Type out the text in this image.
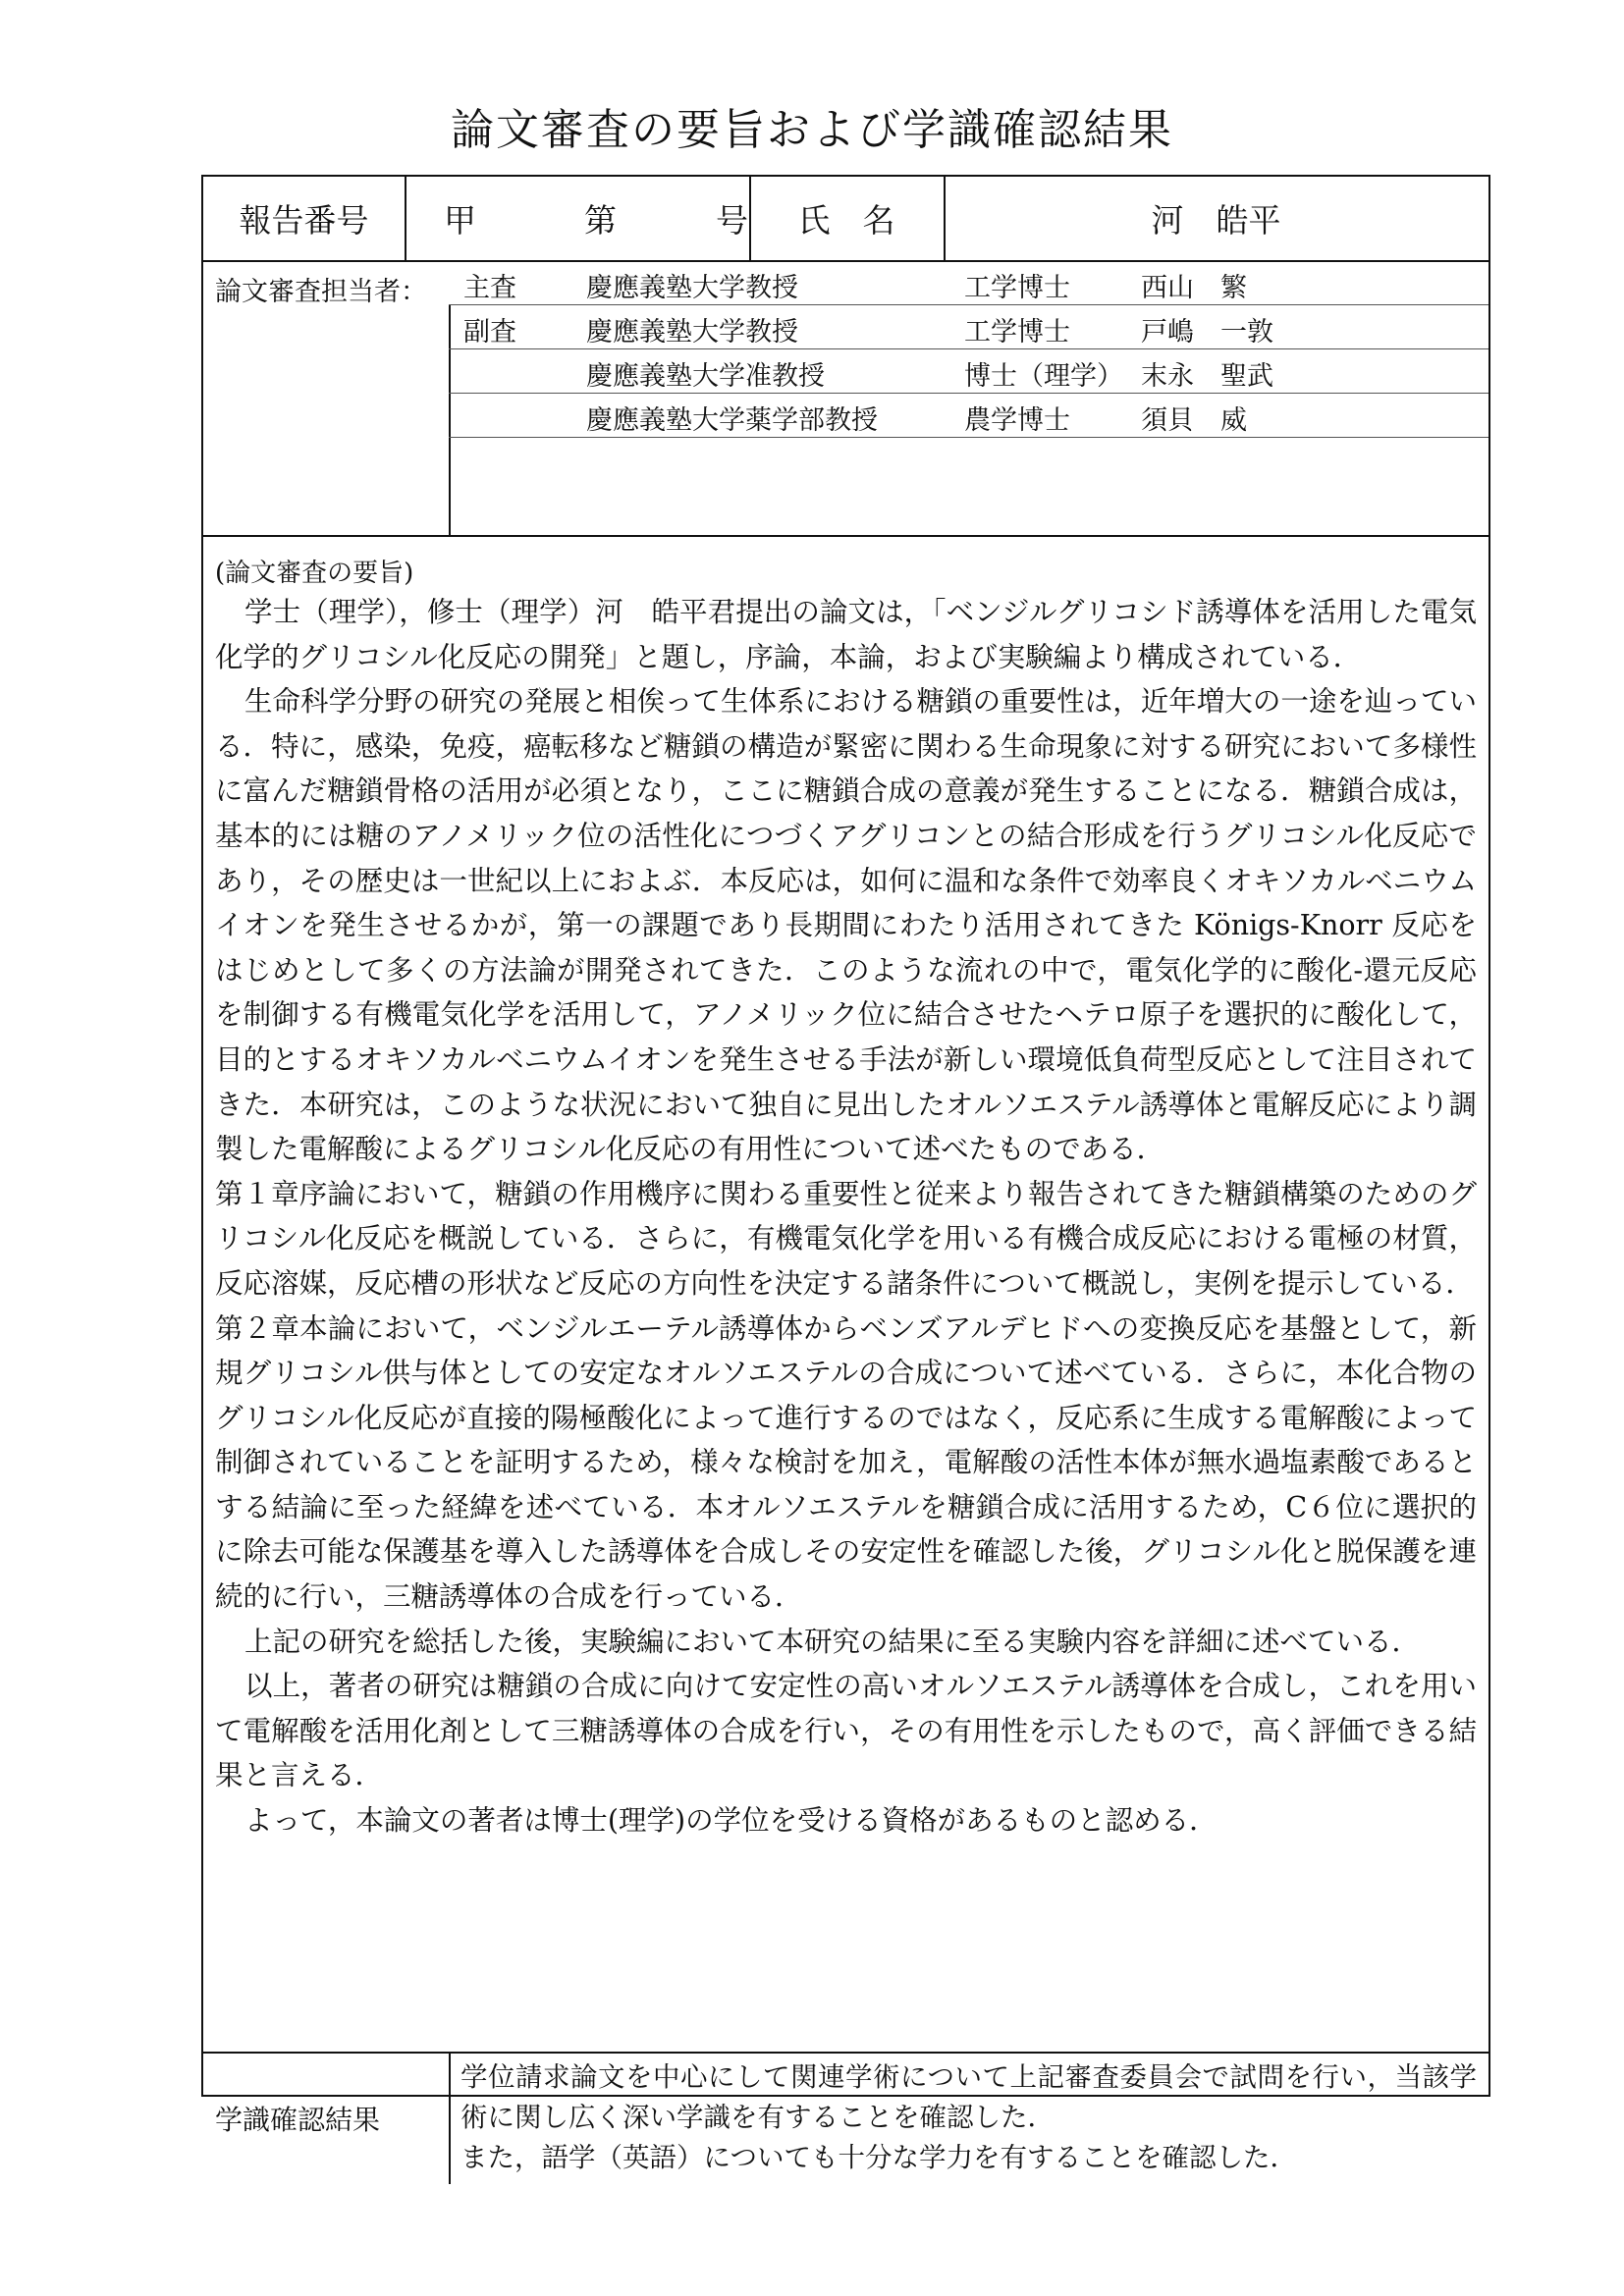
論文審査の要旨および学識確認結果
報告番号	甲	第	号	氏　名	河　皓平
論文審査担当者： 主査	慶應義塾大学教授	工学博士	西山　繁
副査	慶應義塾大学教授	工学博士	戸嶋　一敦
慶應義塾大学准教授	博士（理学） 末永　聖武
慶應義塾大学薬学部教授	農学博士	須貝　威
(論文審査の要旨)

学士（理学），修士（理学）河　皓平君提出の論文は，「ベンジルグリコシド誘導体を活用した電気化学的グリコシル化反応の開発」と題し，序論，本論，および実験編より構成されている．

生命科学分野の研究の発展と相俟って生体系における糖鎖の重要性は，近年増大の一途を辿っている．特に，感染，免疫，癌転移など糖鎖の構造が緊密に関わる生命現象に対する研究において多様性に富んだ糖鎖骨格の活用が必須となり，ここに糖鎖合成の意義が発生することになる．糖鎖合成は，基本的には糖のアノメリック位の活性化につづくアグリコンとの結合形成を行うグリコシル化反応であり，その歴史は一世紀以上におよぶ．本反応は，如何に温和な条件で効率良くオキソカルベニウムイオンを発生させるかが，第一の課題であり長期間にわたり活用されてきた Königs-Knorr 反応をはじめとして多くの方法論が開発されてきた．このような流れの中で，電気化学的に酸化-還元反応を制御する有機電気化学を活用して，アノメリック位に結合させたヘテロ原子を選択的に酸化して，目的とするオキソカルベニウムイオンを発生させる手法が新しい環境低負荷型反応として注目されてきた．本研究は，このような状況において独自に見出したオルソエステル誘導体と電解反応により調製した電解酸によるグリコシル化反応の有用性について述べたものである．

第１章序論において，糖鎖の作用機序に関わる重要性と従来より報告されてきた糖鎖構築のためのグリコシル化反応を概説している．さらに，有機電気化学を用いる有機合成反応における電極の材質，反応溶媒，反応槽の形状など反応の方向性を決定する諸条件について概説し，実例を提示している．

第２章本論において，ベンジルエーテル誘導体からベンズアルデヒドへの変換反応を基盤として，新規グリコシル供与体としての安定なオルソエステルの合成について述べている．さらに，本化合物のグリコシル化反応が直接的陽極酸化によって進行するのではなく，反応系に生成する電解酸によって制御されていることを証明するため，様々な検討を加え，電解酸の活性本体が無水過塩素酸であるとする結論に至った経緯を述べている．本オルソエステルを糖鎖合成に活用するため，C６位に選択的に除去可能な保護基を導入した誘導体を合成しその安定性を確認した後，グリコシル化と脱保護を連続的に行い，三糖誘導体の合成を行っている．

上記の研究を総括した後，実験編において本研究の結果に至る実験内容を詳細に述べている．

以上，著者の研究は糖鎖の合成に向けて安定性の高いオルソエステル誘導体を合成し，これを用いて電解酸を活用化剤として三糖誘導体の合成を行い，その有用性を示したもので，高く評価できる結果と言える．

よって，本論文の著者は博士(理学)の学位を受ける資格があるものと認める．

学識確認結果
学位請求論文を中心にして関連学術について上記審査委員会で試問を行い，当該学術に関し広く深い学識を有することを確認した．
また，語学（英語）についても十分な学力を有することを確認した．
